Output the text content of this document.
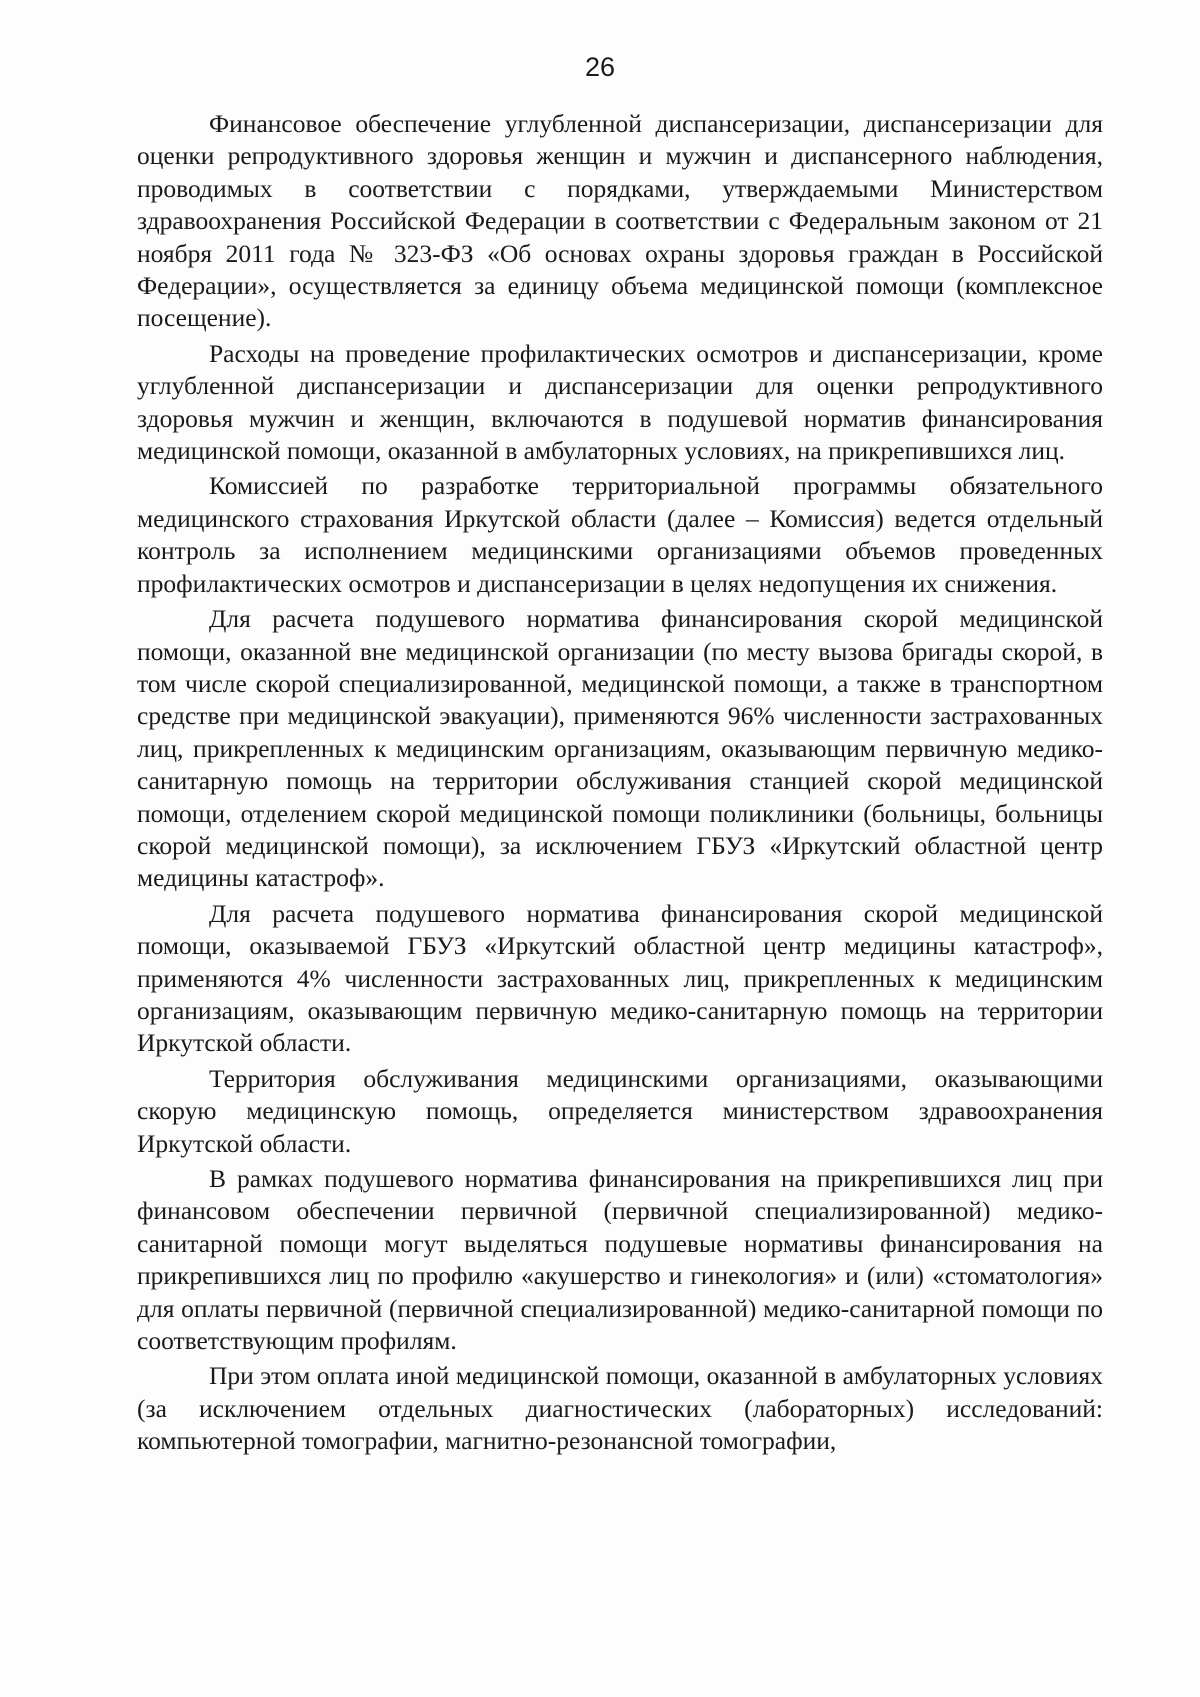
26

Финансовое обеспечение углубленной диспансеризации, диспансеризации для оценки репродуктивного здоровья женщин и мужчин и диспансерного наблюдения, проводимых в соответствии с порядками, утверждаемыми Министерством здравоохранения Российской Федерации в соответствии с Федеральным законом от 21 ноября 2011 года № 323-ФЗ «Об основах охраны здоровья граждан в Российской Федерации», осуществляется за единицу объема медицинской помощи (комплексное посещение).

Расходы на проведение профилактических осмотров и диспансеризации, кроме углубленной диспансеризации и диспансеризации для оценки репродуктивного здоровья мужчин и женщин, включаются в подушевой норматив финансирования медицинской помощи, оказанной в амбулаторных условиях, на прикрепившихся лиц.

Комиссией по разработке территориальной программы обязательного медицинского страхования Иркутской области (далее – Комиссия) ведется отдельный контроль за исполнением медицинскими организациями объемов проведенных профилактических осмотров и диспансеризации в целях недопущения их снижения.

Для расчета подушевого норматива финансирования скорой медицинской помощи, оказанной вне медицинской организации (по месту вызова бригады скорой, в том числе скорой специализированной, медицинской помощи, а также в транспортном средстве при медицинской эвакуации), применяются 96% численности застрахованных лиц, прикрепленных к медицинским организациям, оказывающим первичную медико-санитарную помощь на территории обслуживания станцией скорой медицинской помощи, отделением скорой медицинской помощи поликлиники (больницы, больницы скорой медицинской помощи), за исключением ГБУЗ «Иркутский областной центр медицины катастроф».

Для расчета подушевого норматива финансирования скорой медицинской помощи, оказываемой ГБУЗ «Иркутский областной центр медицины катастроф», применяются 4% численности застрахованных лиц, прикрепленных к медицинским организациям, оказывающим первичную медико-санитарную помощь на территории Иркутской области.

Территория обслуживания медицинскими организациями, оказывающими скорую медицинскую помощь, определяется министерством здравоохранения Иркутской области.

В рамках подушевого норматива финансирования на прикрепившихся лиц при финансовом обеспечении первичной (первичной специализированной) медико-санитарной помощи могут выделяться подушевые нормативы финансирования на прикрепившихся лиц по профилю «акушерство и гинекология» и (или) «стоматология» для оплаты первичной (первичной специализированной) медико-санитарной помощи по соответствующим профилям.

При этом оплата иной медицинской помощи, оказанной в амбулаторных условиях (за исключением отдельных диагностических (лабораторных) исследований: компьютерной томографии, магнитно-резонансной томографии,
